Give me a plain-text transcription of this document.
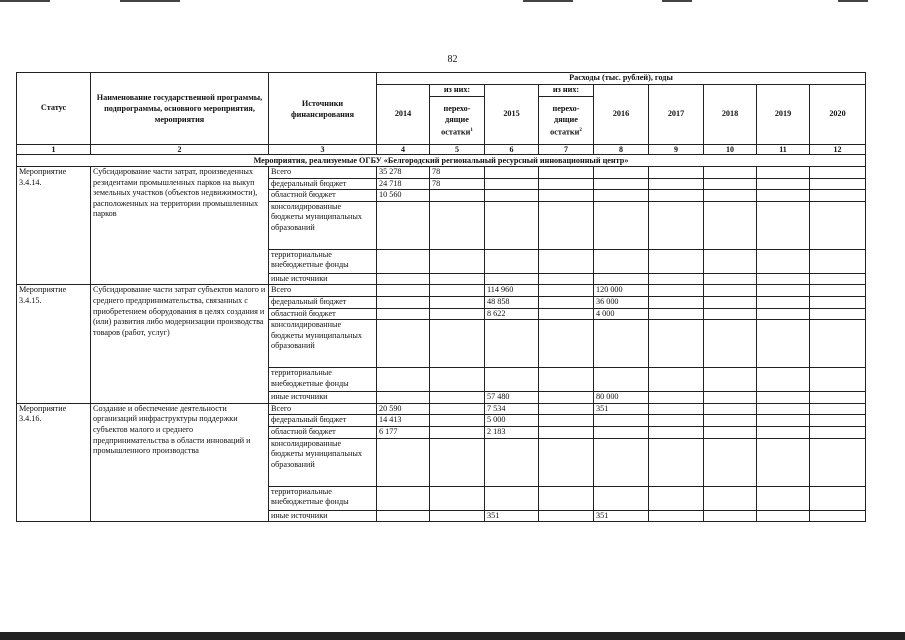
82
Статус	Наименование государственной программы, подпрограммы, основного мероприятия, мероприятия	Источники финансирования	Расходы (тыс. рублей), годы								
			2014	из них:	2015	из них:	2016	2017	2018	2019	2020
				перехо-дящие остатки$^1$		перехо-дящие остатки$^2$
1	2	3	4	5	6	7	8	9	10	11	12
Мероприятия, реализуемые ОГБУ «Белгородский региональный ресурсный инновационный центр»											
Мероприятие 3.4.14.	Субсидирование части затрат, произведенных резидентами промышленных парков на выкуп земельных участков (объектов недвижимости), расположенных на территории промышленных парков	Всего	35 278	78							
		федеральный бюджет	24 718	78							
		областной бюджет	10 560								
		консолидированные бюджеты муниципальных образований									
		территориальные внебюджетные фонды									
		иные источники									
Мероприятие 3.4.15.	Субсидирование части затрат субъектов малого и среднего предпринимательства, связанных с приобретением оборудования в целях создания и (или) развития либо модернизации производства товаров (работ, услуг)	Всего			114 960		120 000				
		федеральный бюджет			48 858		36 000				
		областной бюджет			8 622		4 000				
		консолидированные бюджеты муниципальных образований									
		территориальные внебюджетные фонды									
		иные источники			57 480		80 000				
Мероприятие 3.4.16.	Создание и обеспечение деятельности организаций инфраструктуры поддержки субъектов малого и среднего предпринимательства в области инноваций и промышленного производства	Всего	20 590		7 534		351				
		федеральный бюджет	14 413		5 000						
		областной бюджет	6 177		2 183						
		консолидированные бюджеты муниципальных образований									
		территориальные внебюджетные фонды									
		иные источники			351		351				
